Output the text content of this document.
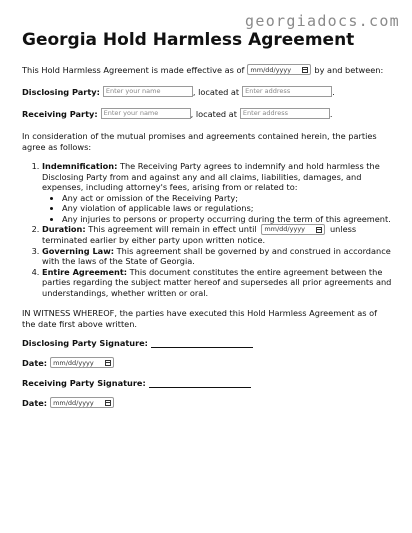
georgiadocs.com
Georgia Hold Harmless Agreement
This Hold Harmless Agreement is made effective as of mm/dd/yyyy	by and between:
Disclosing Party: Enter your name	, located at Enter address	.
Receiving Party: Enter your name	, located at Enter address	.

In consideration of the mutual promises and agreements contained herein, the parties agree as follows:

1. Indemnification: The Receiving Party agrees to indemnify and hold harmless the Disclosing Party from and against any and all claims, liabilities, damages, and expenses, including attorney's fees, arising from or related to:
• Any act or omission of the Receiving Party;
• Any violation of applicable laws or regulations;
• Any injuries to persons or property occurring during the term of this agreement.
2. Duration: This agreement will remain in effect until mm/dd/yyyy	unless terminated earlier by either party upon written notice.
3. Governing Law: This agreement shall be governed by and construed in accordance with the laws of the State of Georgia.
4. Entire Agreement: This document constitutes the entire agreement between the parties regarding the subject matter hereof and supersedes all prior agreements and understandings, whether written or oral.

IN WITNESS WHEREOF, the parties have executed this Hold Harmless Agreement as of the date first above written.

Disclosing Party Signature:
Date: mm/dd/yyyy
Receiving Party Signature:
Date: mm/dd/yyyy
